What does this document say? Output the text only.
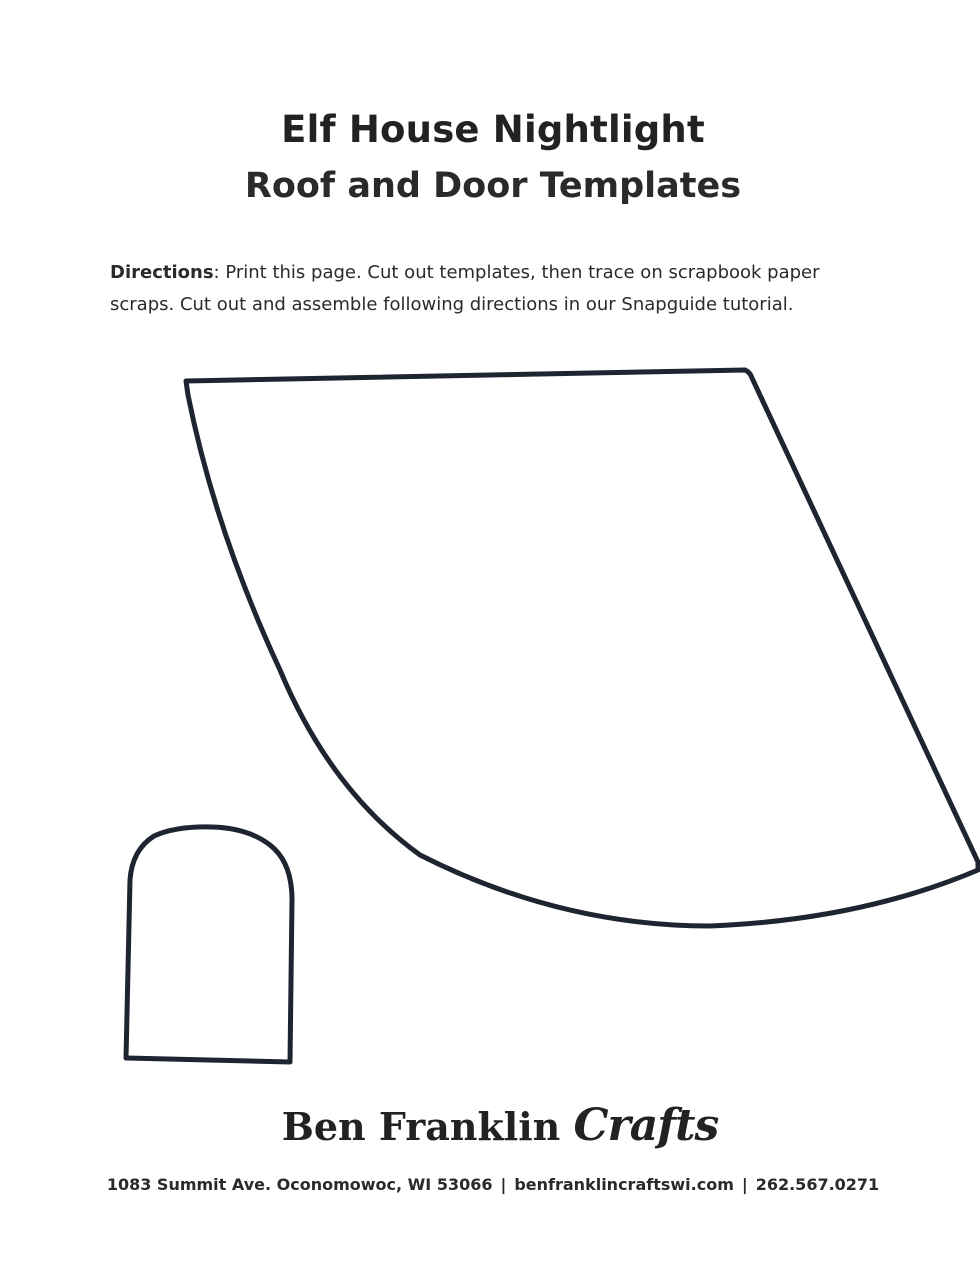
Elf House Nightlight
Roof and Door Templates

Directions: Print this page. Cut out templates, then trace on scrapbook paper scraps. Cut out and assemble following directions in our Snapguide tutorial.

Ben Franklin Crafts
1083 Summit Ave. Oconomowoc, WI 53066 | benfranklincraftswi.com | 262.567.0271
